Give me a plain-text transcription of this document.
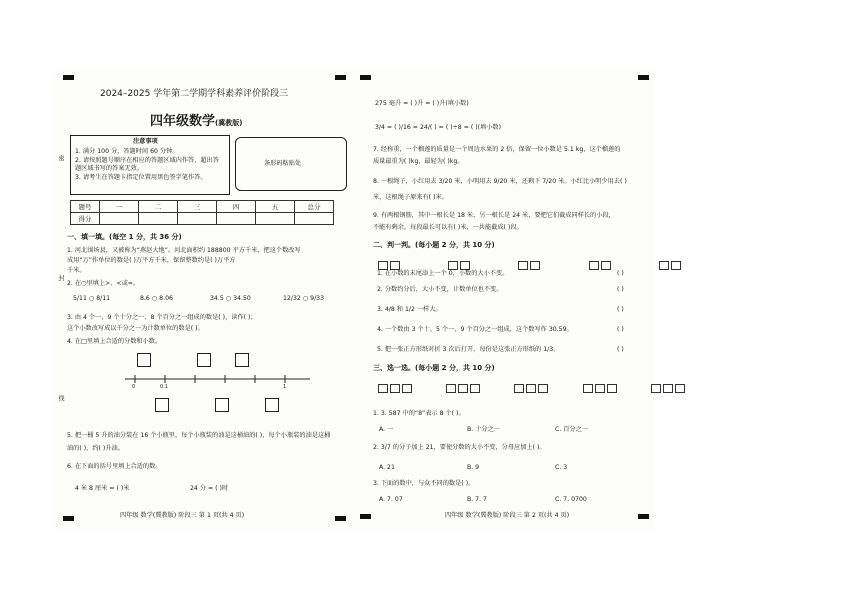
2024–2025 学年第二学期学科素养评价阶段三
四年级数学(冀教版)
密
封
线
注意事项
1. 满分 100 分，答题时间 60 分钟。
2. 请按照题号顺序在相应的答题区域内作答，超出答题区域书写的答案无效。
3. 请考生在答题卡指定位置用黑色签字笔作答。
条形码粘贴处
题号	一	二	三	四	五	总分
得分						
一、填一填。(每空 1 分，共 36 分)
1. 河北围场县，又被称为“燕赵大地”。河北面积约 188800 平方千米，把这个数改写
成用“万”作单位的数是( )万平方千米，保留整数约是( )万平方
千米。
2. 在○里填上>、<或=。
5/11 ○ 8/11	8.6 ○ 8.06	34.5 ○ 34.50	12/32 ○ 9/33
3. 由 4 个一、9 个十分之一、8 个百分之一组成的数是( )，读作( )；
这个小数改写成以千分之一为计数单位的数是( )。
4. 在□里填上合适的分数和小数。
0	0.1	1
5. 把一桶 5 升的油分装在 16 个小瓶里，每个小瓶装的油是这桶油的( )，每个小瓶装的油是这桶
油的( )，约( )升油。
6. 在下面的括号里填上合适的数。
4 米 8 厘米 = ( )米	24 分 = ( )时
四年级 数学(冀教版) 阶段三 第 1 页(共 4 页)
275 毫升 = ( )升 = ( )升(填小数)
3/4 = ( )/16 = 24/( ) = ( )÷8 = ( )(填小数)
7. 经称重，一个榴莲的质量是一个周边水果的 2 倍，保留一位小数是 5.1 kg，这个榴莲的
质量最重为( )kg，最轻为( )kg。
8. 一根绳子，小红用去 3/20 米，小明用去 9/20 米，还剩下 7/20 米。小红比小明少用去( )
米，这根绳子原来有( )米。
9. 有两根钢筋，其中一根长是 18 米，另一根长是 24 米，要把它们截成同样长的小段，
不能有剩余。每段最长可以有( )米，一共能截成( )段。
二、判一判。(每小题 2 分，共 10 分)

1. 在小数的末尾添上一个 0，小数的大小不变。	( )
2. 分数约分后，大小不变，计数单位也不变。	( )
3. 4/8 和 1/2 一样大。	( )
4. 一个数由 3 个十、5 个一、9 个百分之一组成，这个数写作 30.59。	( )
5. 把一张正方形纸对折 3 次后打开，每份是这张正方形纸的 1/3。	( )
三、选一选。(每小题 2 分，共 10 分)

1. 3. 587 中的“8”表示 8 个( )。
A. 一	B. 十分之一	C. 百分之一
2. 3/7 的分子加上 21，要使分数的大小不变，分母应加上( )。
A. 21	B. 9	C. 3
3. 下面的数中，与众不同的数是( )。
A. 7. 07	B. 7. 7	C. 7. 0700
四年级 数学(冀教版) 阶段三 第 2 页(共 4 页)
